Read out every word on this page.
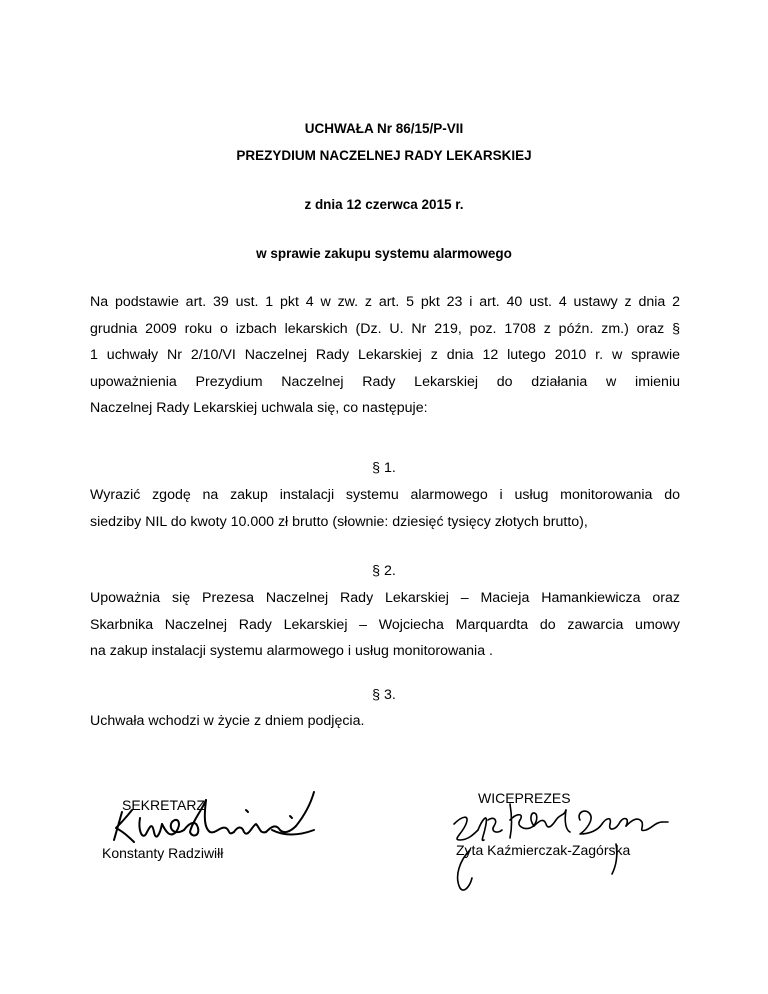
UCHWAŁA Nr 86/15/P-VII
PREZYDIUM NACZELNEJ RADY LEKARSKIEJ
z dnia 12 czerwca 2015 r.
w sprawie zakupu systemu alarmowego
Na podstawie art. 39 ust. 1 pkt 4 w zw. z art. 5 pkt 23 i art. 40 ust. 4 ustawy z dnia 2
grudnia 2009 roku o izbach lekarskich (Dz. U. Nr 219, poz. 1708 z późn. zm.) oraz §
1 uchwały Nr 2/10/VI Naczelnej Rady Lekarskiej z dnia 12 lutego 2010 r. w sprawie
upoważnienia Prezydium Naczelnej Rady Lekarskiej do działania w imieniu
Naczelnej Rady Lekarskiej uchwala się, co następuje:
§ 1.
Wyrazić zgodę na zakup instalacji systemu alarmowego i usług monitorowania do
siedziby NIL do kwoty 10.000 zł brutto (słownie: dziesięć tysięcy złotych brutto),
§ 2.
Upoważnia się Prezesa Naczelnej Rady Lekarskiej – Macieja Hamankiewicza oraz
Skarbnika Naczelnej Rady Lekarskiej – Wojciecha Marquardta do zawarcia umowy
na zakup instalacji systemu alarmowego i usług monitorowania .
§ 3.
Uchwała wchodzi w życie z dniem podjęcia.
SEKRETARZ
Konstanty Radziwiłł
WICEPREZES
Zyta Kaźmierczak-Zagórska
